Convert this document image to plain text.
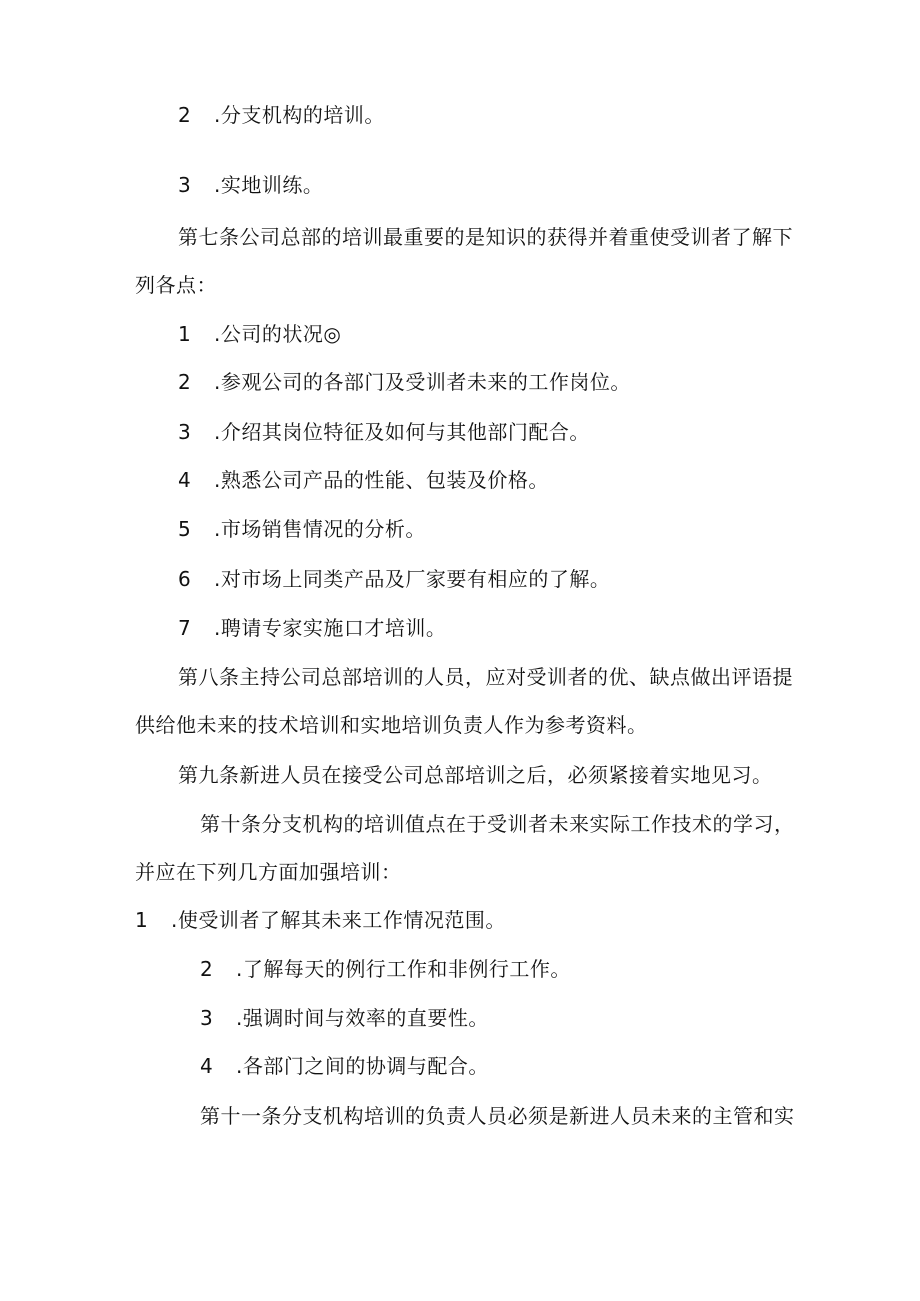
2 .分支机构的培训。
3 .实地训练。
第七条公司总部的培训最重要的是知识的获得并着重使受训者了解下
列各点：
1 .公司的状况◎
2 .参观公司的各部门及受训者未来的工作岗位。
3 .介绍其岗位特征及如何与其他部门配合。
4 .熟悉公司产品的性能、包装及价格。
5 .市场销售情况的分析。
6 .对市场上同类产品及厂家要有相应的了解。
7 .聘请专家实施口才培训。
第八条主持公司总部培训的人员，应对受训者的优、缺点做出评语提
供给他未来的技术培训和实地培训负责人作为参考资料。
第九条新进人员在接受公司总部培训之后，必须紧接着实地见习。
第十条分支机构的培训值点在于受训者未来实际工作技术的学习，
并应在下列几方面加强培训：
1 .使受训者了解其未来工作情况范围。
2 .了解每天的例行工作和非例行工作。
3 .强调时间与效率的直要性。
4 .各部门之间的协调与配合。
第十一条分支机构培训的负责人员必须是新进人员未来的主管和实
